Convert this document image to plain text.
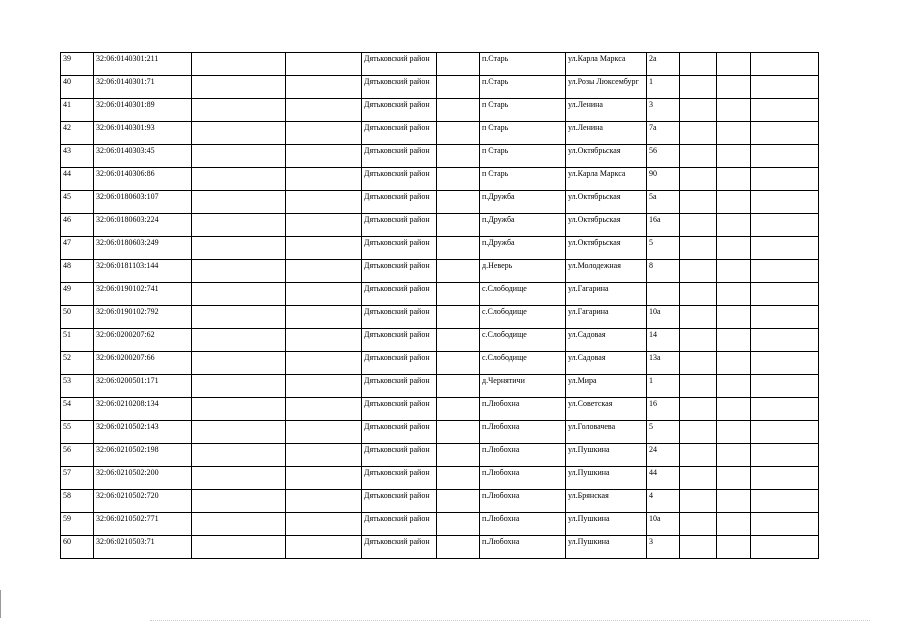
39	32:06:0140301:211			Дятьковский район		п.Старь	ул.Карла Маркса	2а			
40	32:06:0140301:71			Дятьковский район		п.Старь	ул.Розы Люксембург	1			
41	32:06:0140301:89			Дятьковский район		п Старь	ул.Ленина	3			
42	32:06:0140301:93			Дятьковский район		п Старь	ул.Ленина	7а			
43	32:06:0140303:45			Дятьковский район		п Старь	ул.Октябрьская	56			
44	32:06:0140306:86			Дятьковский район		п Старь	ул.Карла Маркса	90			
45	32:06:0180603:107			Дятьковский район		п.Дружба	ул.Октябрьская	5а			
46	32:06:0180603:224			Дятьковский район		п.Дружба	ул.Октябрьская	16а			
47	32:06:0180603:249			Дятьковский район		п.Дружба	ул.Октябрьская	5			
48	32:06:0181103:144			Дятьковский район		д.Неверь	ул.Молодежная	8			
49	32:06:0190102:741			Дятьковский район		с.Слободище	ул.Гагарина				
50	32:06:0190102:792			Дятьковский район		с.Слободище	ул.Гагарина	10а			
51	32:06:0200207:62			Дятьковский район		с.Слободище	ул.Садовая	14			
52	32:06:0200207:66			Дятьковский район		с.Слободище	ул.Садовая	13а			
53	32:06:0200501:171			Дятьковский район		д.Чернятичи	ул.Мира	1			
54	32:06:0210208:134			Дятьковский район		п.Любохна	ул.Советская	16			
55	32:06:0210502:143			Дятьковский район		п.Любохна	ул.Головачева	5			
56	32:06:0210502:198			Дятьковский район		п.Любохна	ул.Пушкина	24			
57	32:06:0210502:200			Дятьковский район		п.Любохна	ул.Пушкина	44			
58	32:06:0210502:720			Дятьковский район		п.Любохна	ул.Брянская	4			
59	32:06:0210502:771			Дятьковский район		п.Любохна	ул.Пушкина	10а			
60	32:06:0210503:71			Дятьковский район		п.Любохна	ул.Пушкина	3			
